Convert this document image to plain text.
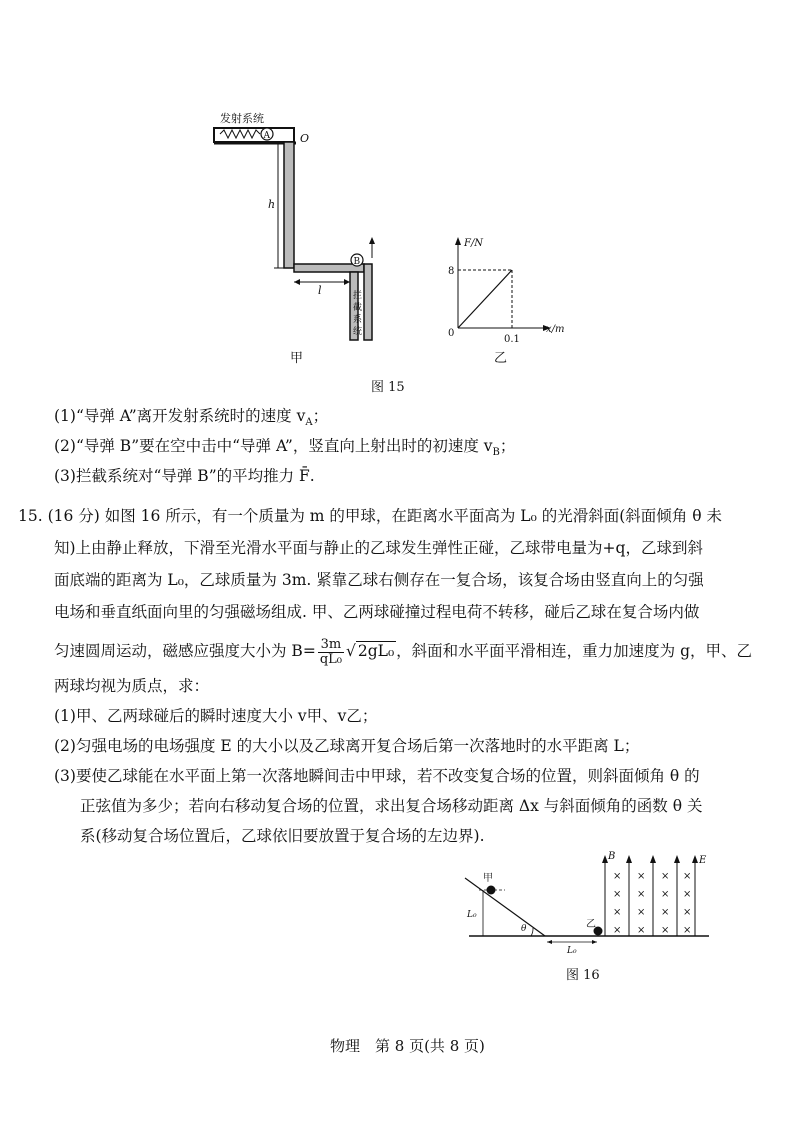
A	O
发射系统
h
B
l	拦
截
系
统
甲
F/N
x/m
8
0.1
0
乙
图 15
(1)“导弹 A”离开发射系统时的速度 $v_A$；
(2)“导弹 B”要在空中击中“导弹 A”，竖直向上射出时的初速度 $v_B$；
(3)拦截系统对“导弹 B”的平均推力 F̄.
15. (16 分) 如图 16 所示，有一个质量为 m 的甲球，在距离水平面高为 L₀ 的光滑斜面(斜面倾角 θ 未
知)上由静止释放，下滑至光滑水平面与静止的乙球发生弹性正碰，乙球带电量为+q，乙球到斜
面底端的距离为 L₀，乙球质量为 3m. 紧靠乙球右侧存在一复合场，该复合场由竖直向上的匀强
电场和垂直纸面向里的匀强磁场组成. 甲、乙两球碰撞过程电荷不转移，碰后乙球在复合场内做
匀速圆周运动，磁感应强度大小为 $B= \frac{3m}{\text{qL₀}}$ √ 2gL₀ ，斜面和水平面平滑相连，重力加速度为 g，甲、乙
两球均视为质点，求：
(1)甲、乙两球碰后的瞬时速度大小 v甲、v乙；
(2)匀强电场的电场强度 E 的大小以及乙球离开复合场后第一次落地时的水平距离 L；
(3)要使乙球能在水平面上第一次落地瞬间击中甲球，若不改变复合场的位置，则斜面倾角 θ 的
正弦值为多少；若向右移动复合场的位置，求出复合场移动距离 Δx 与斜面倾角的函数 θ 关
系(移动复合场位置后，乙球依旧要放置于复合场的左边界).
L₀
甲
θ
L₀
乙
B	E
× × × ×
× × × ×
× × × ×
× × × ×
图 16
物理　第 8 页(共 8 页)
